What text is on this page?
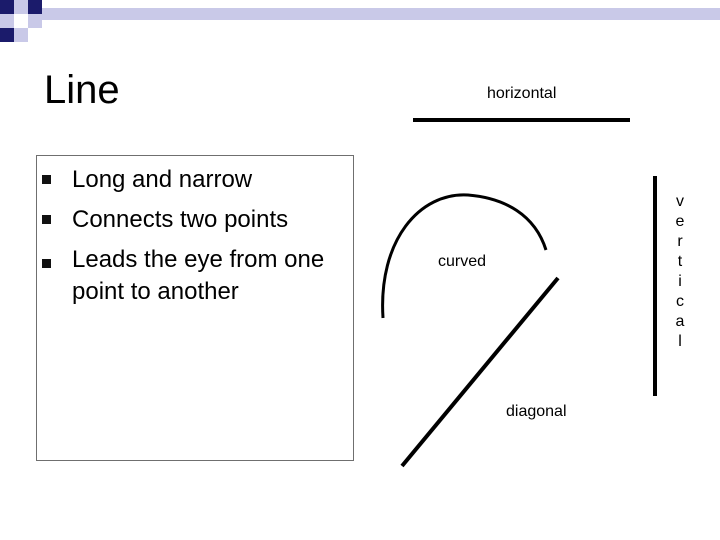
Line
Long and narrow
Connects two points
Leads the eye from one point to another
horizontal
curved
diagonal
v
e
r
t
i
c
a
l
